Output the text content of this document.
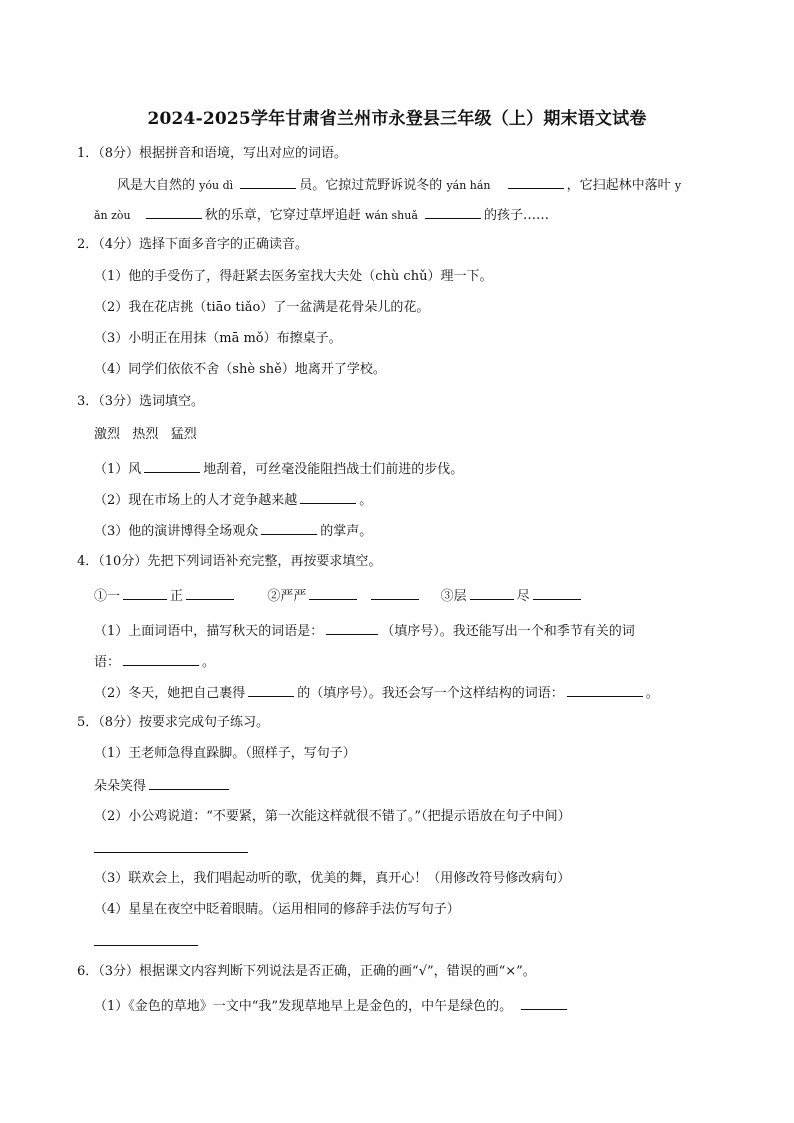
2024-2025学年甘肃省兰州市永登县三年级（上）期末语文试卷
1．（8分）根据拼音和语境，写出对应的词语。
风是大自然的 yóu dì	员。它掠过荒野诉说冬的 yán hán	，它扫起林中落叶 y
ǎn zòu	秋的乐章，它穿过草坪追赶 wán shuǎ	的孩子……
2．（4分）选择下面多音字的正确读音。
（1）他的手受伤了，得赶紧去医务室找大夫处（chù chǔ）理一下。
（2）我在花店挑（tiāo tiǎo）了一盆满是花骨朵儿的花。
（3）小明正在用抹（mā mǒ）布擦桌子。
（4）同学们依依不舍（shè shě）地离开了学校。
3．（3分）选词填空。
激烈   热烈   猛烈
（1）风	地刮着，可丝毫没能阻挡战士们前进的步伐。
（2）现在市场上的人才竞争越来越	。
（3）他的演讲博得全场观众	的掌声。
4．（10分）先把下列词语补充完整，再按要求填空。
①一	正	②严严	③层	尽
（1）上面词语中，描写秋天的词语是：	（填序号）。我还能写出一个和季节有关的词
语：	。
（2）冬天，她把自己裹得	的（填序号）。我还会写一个这样结构的词语：	。
5．（8分）按要求完成句子练习。
（1）王老师急得直跺脚。（照样子，写句子）
朵朵笑得
（2）小公鸡说道：“不要紧，第一次能这样就很不错了。”（把提示语放在句子中间）
（3）联欢会上，我们唱起动听的歌，优美的舞，真开心！（用修改符号修改病句）
（4）星星在夜空中眨着眼睛。（运用相同的修辞手法仿写句子）
6．（3分）根据课文内容判断下列说法是否正确，正确的画“√”，错误的画“×”。
（1）《金色的草地》一文中“我”发现草地早上是金色的，中午是绿色的。
